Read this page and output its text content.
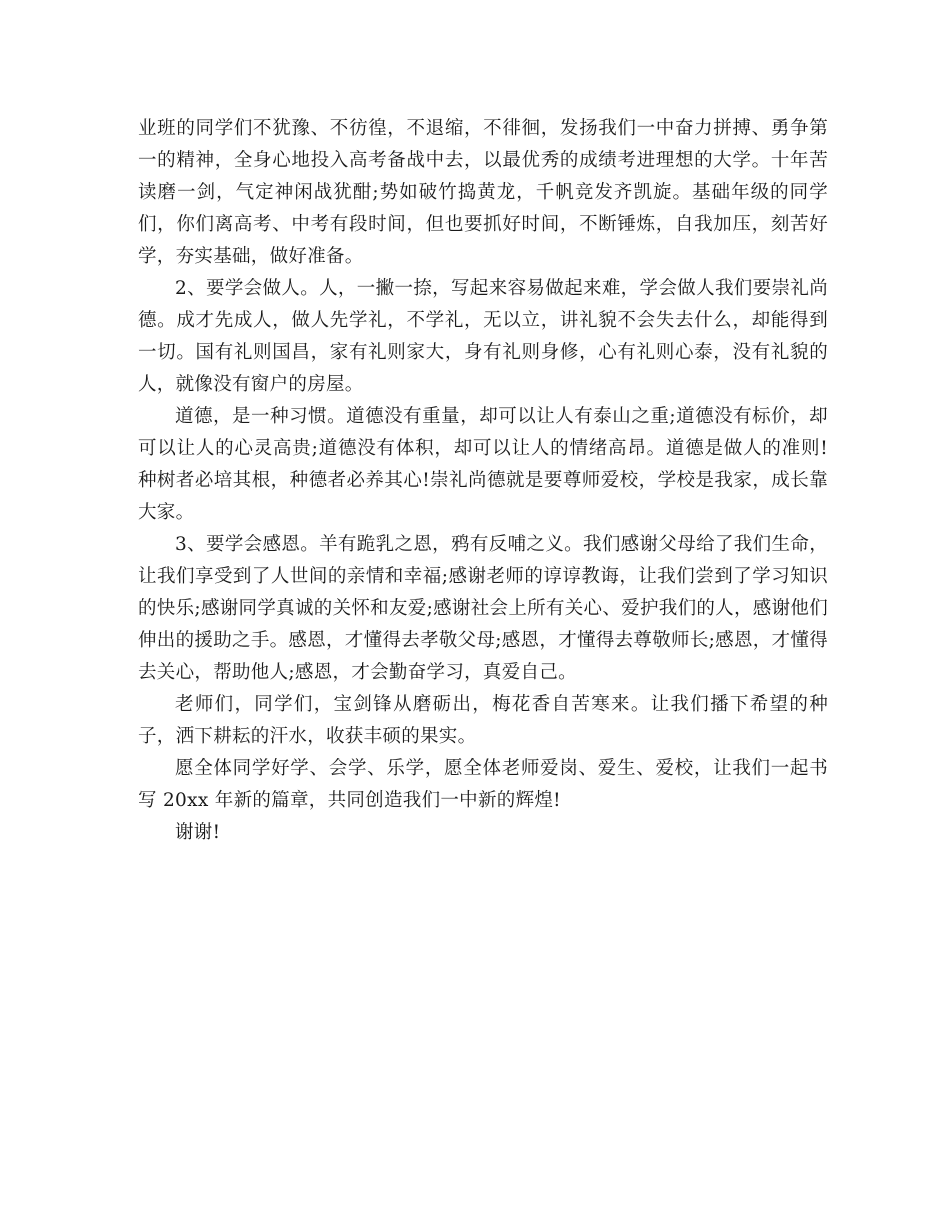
业班的同学们不犹豫、不彷徨，不退缩，不徘徊，发扬我们一中奋力拼搏、勇争第一的精神，全身心地投入高考备战中去，以最优秀的成绩考进理想的大学。十年苦读磨一剑，气定神闲战犹酣;势如破竹捣黄龙，千帆竞发齐凯旋。基础年级的同学们，你们离高考、中考有段时间，但也要抓好时间，不断锤炼，自我加压，刻苦好学，夯实基础，做好准备。

2、要学会做人。人，一撇一捺，写起来容易做起来难，学会做人我们要崇礼尚德。成才先成人，做人先学礼，不学礼，无以立，讲礼貌不会失去什么，却能得到一切。国有礼则国昌，家有礼则家大，身有礼则身修，心有礼则心泰，没有礼貌的人，就像没有窗户的房屋。

道德，是一种习惯。道德没有重量，却可以让人有泰山之重;道德没有标价，却可以让人的心灵高贵;道德没有体积，却可以让人的情绪高昂。道德是做人的准则!种树者必培其根，种德者必养其心!崇礼尚德就是要尊师爱校，学校是我家，成长靠大家。

3、要学会感恩。羊有跪乳之恩，鸦有反哺之义。我们感谢父母给了我们生命，让我们享受到了人世间的亲情和幸福;感谢老师的谆谆教诲，让我们尝到了学习知识的快乐;感谢同学真诚的关怀和友爱;感谢社会上所有关心、爱护我们的人，感谢他们伸出的援助之手。感恩，才懂得去孝敬父母;感恩，才懂得去尊敬师长;感恩，才懂得去关心，帮助他人;感恩，才会勤奋学习，真爱自己。

老师们，同学们，宝剑锋从磨砺出，梅花香自苦寒来。让我们播下希望的种子，洒下耕耘的汗水，收获丰硕的果实。

愿全体同学好学、会学、乐学，愿全体老师爱岗、爱生、爱校，让我们一起书写 20xx 年新的篇章，共同创造我们一中新的辉煌!

谢谢!
